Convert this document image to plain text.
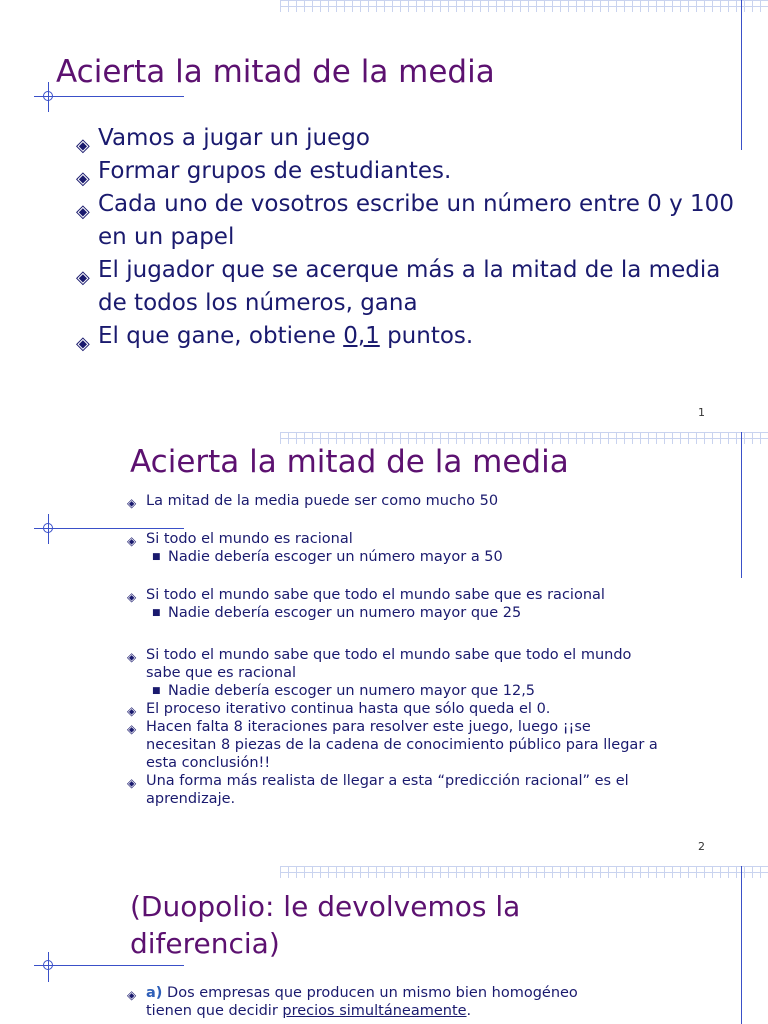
Acierta la mitad de la media
◈ Vamos a jugar un juego
◈ Formar grupos de estudiantes.
◈ Cada uno de vosotros escribe un número entre 0 y 100 en un papel
◈ El jugador que se acerque más a la mitad de la media de todos los números, gana
◈ El que gane, obtiene 0,1 puntos.
1
Acierta la mitad de la media
◈ La mitad de la media puede ser como mucho 50
◈ Si todo el mundo es racional
■ Nadie debería escoger un número mayor a 50
◈ Si todo el mundo sabe que todo el mundo sabe que es racional
■ Nadie debería escoger un numero mayor que 25
◈ Si todo el mundo sabe que todo el mundo sabe que todo el mundo sabe que es racional
■ Nadie debería escoger un numero mayor que 12,5
◈ El proceso iterativo continua hasta que sólo queda el 0.
◈ Hacen falta 8 iteraciones para resolver este juego, luego ¡¡se necesitan 8 piezas de la cadena de conocimiento público para llegar a esta conclusión!!
◈ Una forma más realista de llegar a esta “predicción racional” es el aprendizaje.
2
(Duopolio: le devolvemos la
diferencia)
◈ a) Dos empresas que producen un mismo bien homogéneo tienen que decidir precios simultáneamente.
